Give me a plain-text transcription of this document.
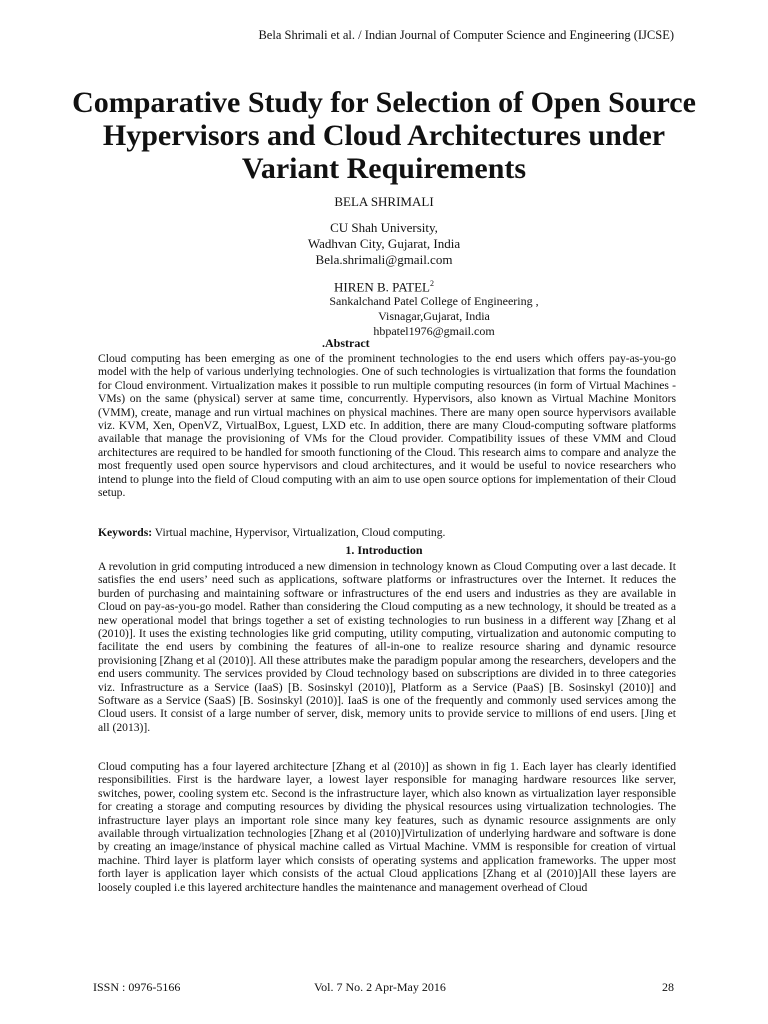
Bela Shrimali et al. / Indian Journal of Computer Science and Engineering (IJCSE)
Comparative Study for Selection of Open Source Hypervisors and Cloud Architectures under Variant Requirements
BELA SHRIMALI
CU Shah University,
Wadhvan City, Gujarat, India
Bela.shrimali@gmail.com
HIREN B. PATEL$^2$
Sankalchand Patel College of Engineering ,
Visnagar,Gujarat, India
hbpatel1976@gmail.com
.Abstract

Cloud computing has been emerging as one of the prominent technologies to the end users which offers pay-as-you-go model with the help of various underlying technologies. One of such technologies is virtualization that forms the foundation for Cloud environment. Virtualization makes it possible to run multiple computing resources (in form of Virtual Machines - VMs) on the same (physical) server at same time, concurrently. Hypervisors, also known as Virtual Machine Monitors (VMM), create, manage and run virtual machines on physical machines. There are many open source hypervisors available viz. KVM, Xen, OpenVZ, VirtualBox, Lguest, LXD etc. In addition, there are many Cloud-computing software platforms available that manage the provisioning of VMs for the Cloud provider. Compatibility issues of these VMM and Cloud architectures are required to be handled for smooth functioning of the Cloud. This research aims to compare and analyze the most frequently used open source hypervisors and cloud architectures, and it would be useful to novice researchers who intend to plunge into the field of Cloud computing with an aim to use open source options for implementation of their Cloud setup.

Keywords: Virtual machine, Hypervisor, Virtualization, Cloud computing.

1. Introduction

A revolution in grid computing introduced a new dimension in technology known as Cloud Computing over a last decade. It satisfies the end users’ need such as applications, software platforms or infrastructures over the Internet. It reduces the burden of purchasing and maintaining software or infrastructures of the end users and industries as they are available in Cloud on pay-as-you-go model. Rather than considering the Cloud computing as a new technology, it should be treated as a new operational model that brings together a set of existing technologies to run business in a different way [Zhang et al (2010)]. It uses the existing technologies like grid computing, utility computing, virtualization and autonomic computing to facilitate the end users by combining the features of all-in-one to realize resource sharing and dynamic resource provisioning [Zhang et al (2010)]. All these attributes make the paradigm popular among the researchers, developers and the end users community. The services provided by Cloud technology based on subscriptions are divided in to three categories viz. Infrastructure as a Service (IaaS) [B. Sosinskyl (2010)], Platform as a Service (PaaS) [B. Sosinskyl (2010)] and Software as a Service (SaaS) [B. Sosinskyl (2010)]. IaaS is one of the frequently and commonly used services among the Cloud users. It consist of a large number of server, disk, memory units to provide service to millions of end users. [Jing et all (2013)].

Cloud computing has a four layered architecture [Zhang et al (2010)] as shown in fig 1. Each layer has clearly identified responsibilities. First is the hardware layer, a lowest layer responsible for managing hardware resources like server, switches, power, cooling system etc. Second is the infrastructure layer, which also known as virtualization layer responsible for creating a storage and computing resources by dividing the physical resources using virtualization technologies. The infrastructure layer plays an important role since many key features, such as dynamic resource assignments are only available through virtualization technologies [Zhang et al (2010)]Virtulization of underlying hardware and software is done by creating an image/instance of physical machine called as Virtual Machine. VMM is responsible for creation of virtual machine. Third layer is platform layer which consists of operating systems and application frameworks. The upper most forth layer is application layer which consists of the actual Cloud applications [Zhang et al (2010)]All these layers are loosely coupled i.e this layered architecture handles the maintenance and management overhead of Cloud

ISSN : 0976-5166	Vol. 7 No. 2 Apr-May 2016	28
